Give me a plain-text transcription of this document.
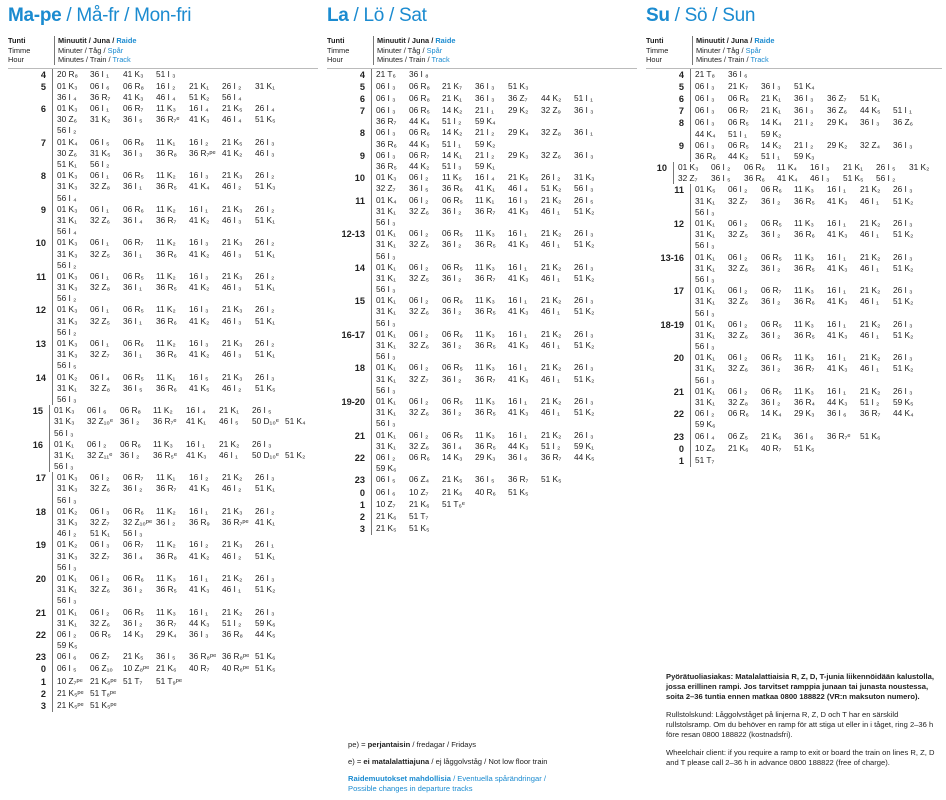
Ma-pe / Må-fr / Mon-fri
Tunti
Timme
Hour
Minuutit / Juna / Raide
Minuter / Tåg / Spår
Minutes / Train / Track
4	20 R₈ 36 I ₁ 41 K₃ 51 I ₃
5	01 K₃ 06 I ₆ 06 R₈ 16 I ₂ 21 K₁ 26 I ₂ 31 K₁
36 I ₄ 36 R₇ 41 K₃ 46 I ₄ 51 K₂ 56 I ₄
6	01 K₃ 06 I ₁ 06 R₇ 11 K₃ 16 I ₄ 21 K₅ 26 I ₄
30 Z₆ 31 K₂ 36 I ₅ 36 R₇ᵉ 41 K₃ 46 I ₄ 51 K₅
56 I ₂
7	01 K₄ 06 I ₅ 06 R₈ 11 K₁ 16 I ₂ 21 K₅ 26 I ₃
30 Z₆ 31 K₅ 36 I ₃ 36 R₈ 36 R₇ᵖᵉ 41 K₂ 46 I ₃
51 K₁ 56 I ₂
8	01 K₃ 06 I ₁ 06 R₅ 11 K₂ 16 I ₃ 21 K₃ 26 I ₂
31 K₃ 32 Z₈ 36 I ₁ 36 R₅ 41 K₄ 46 I ₂ 51 K₃
56 I ₄
9	01 K₃ 06 I ₁ 06 R₆ 11 K₂ 16 I ₁ 21 K₃ 26 I ₂
31 K₁ 32 Z₆ 36 I ₄ 36 R₇ 41 K₂ 46 I ₃ 51 K₁
56 I ₄
10	01 K₃ 06 I ₁ 06 R₇ 11 K₂ 16 I ₃ 21 K₃ 26 I ₂
31 K₃ 32 Z₅ 36 I ₁ 36 R₆ 41 K₂ 46 I ₃ 51 K₁
56 I ₂
11	01 K₃ 06 I ₁ 06 R₅ 11 K₂ 16 I ₃ 21 K₃ 26 I ₂
31 K₃ 32 Z₈ 36 I ₁ 36 R₅ 41 K₂ 46 I ₃ 51 K₁
56 I ₂
12	01 K₃ 06 I ₁ 06 R₅ 11 K₂ 16 I ₃ 21 K₃ 26 I ₂
31 K₃ 32 Z₅ 36 I ₁ 36 R₆ 41 K₂ 46 I ₃ 51 K₁
56 I ₂
13	01 K₃ 06 I ₁ 06 R₆ 11 K₂ 16 I ₃ 21 K₃ 26 I ₂
31 K₃ 32 Z₇ 36 I ₁ 36 R₆ 41 K₂ 46 I ₃ 51 K₁
56 I ₅
14	01 K₂ 06 I ₄ 06 R₅ 11 K₁ 16 I ₅ 21 K₃ 26 I ₃
31 K₁ 32 Z₈ 36 I ₅ 36 R₆ 41 K₅ 46 I ₂ 51 K₅
56 I ₃
15	01 K₃ 06 I ₆ 06 R₈ 11 K₂ 16 I ₄ 21 K₁ 26 I ₅
31 K₃ 32 Z₁₀ᵉ 36 I ₂ 36 R₇ᵉ 41 K₁ 46 I ₅ 50 D₁₀ᵉ 51 K₄
56 I ₃
16	01 K₁ 06 I ₂ 06 R₆ 11 K₃ 16 I ₁ 21 K₂ 26 I ₃
31 K₁ 32 Z₁₁ᵉ 36 I ₂ 36 R₅ᵉ 41 K₃ 46 I ₁ 50 D₁₀ᵉ 51 K₂
56 I ₃
17	01 K₃ 06 I ₂ 06 R₇ 11 K₁ 16 I ₂ 21 K₂ 26 I ₃
31 K₃ 32 Z₆ 36 I ₂ 36 R₇ 41 K₃ 46 I ₂ 51 K₁
56 I ₃
18	01 K₂ 06 I ₃ 06 R₆ 11 K₂ 16 I ₁ 21 K₃ 26 I ₂
31 K₃ 32 Z₇ 32 Z₁₀ᵖᵉ 36 I ₂ 36 R₉ 36 R₇ᵖᵉ 41 K₁
46 I ₂ 51 K₁ 56 I ₃
19	01 K₂ 06 I ₃ 06 R₇ 11 K₂ 16 I ₂ 21 K₃ 26 I ₁
31 K₃ 32 Z₇ 36 I ₄ 36 R₈ 41 K₂ 46 I ₂ 51 K₁
56 I ₃
20	01 K₁ 06 I ₂ 06 R₆ 11 K₃ 16 I ₁ 21 K₂ 26 I ₃
31 K₁ 32 Z₆ 36 I ₂ 36 R₅ 41 K₃ 46 I ₁ 51 K₂
56 I ₃
21	01 K₁ 06 I ₂ 06 R₅ 11 K₃ 16 I ₁ 21 K₂ 26 I ₃
31 K₁ 32 Z₆ 36 I ₂ 36 R₇ 44 K₃ 51 I ₂ 59 K₆
22	06 I ₂ 06 R₅ 14 K₃ 29 K₄ 36 I ₃ 36 R₈ 44 K₅
59 K₅
23	06 I ₆ 06 Z₇ 21 K₅ 36 I ₅ 36 R₈ᵖᵉ 36 R₈ᵖᵉ 51 K₆
0	06 I ₅ 06 Z₁₀ 10 Z₈ᵖᵉ 21 K₆ 40 R₇ 40 R₆ᵖᵉ 51 K₅
1	10 Z₇ᵖᵉ 21 K₆ᵖᵉ 51 T₇ 51 T₉ᵖᵉ
2	21 K₅ᵖᵉ 51 T₈ᵖᵉ
3	21 K₅ᵖᵉ 51 K₅ᵖᵉ
La / Lö / Sat
Tunti
Timme
Hour
Minuutit / Juna / Raide
Minuter / Tåg / Spår
Minutes / Train / Track
4	21 T₆ 36 I ₈
5	06 I ₃ 06 R₈ 21 K₇ 36 I ₃ 51 K₃
6	06 I ₃ 06 R₈ 21 K₁ 36 I ₃ 36 Z₇ 44 K₂ 51 I ₁
7	06 I ₃ 06 R₅ 14 K₂ 21 I ₁ 29 K₂ 32 Z₉ 36 I ₃
36 R₇ 44 K₄ 51 I ₂ 59 K₄
8	06 I ₃ 06 R₆ 14 K₂ 21 I ₂ 29 K₄ 32 Z₈ 36 I ₁
36 R₆ 44 K₃ 51 I ₁ 59 K₂
9	06 I ₃ 06 R₇ 14 K₁ 21 I ₂ 29 K₃ 32 Z₆ 36 I ₃
36 R₅ 44 K₂ 51 I ₃ 59 K₁
10	01 K₃ 06 I ₂ 11 K₅ 16 I ₄ 21 K₅ 26 I ₂ 31 K₃
32 Z₇ 36 I ₅ 36 R₆ 41 K₁ 46 I ₄ 51 K₂ 56 I ₃
11	01 K₄ 06 I ₂ 06 R₅ 11 K₁ 16 I ₃ 21 K₂ 26 I ₅
31 K₁ 32 Z₆ 36 I ₂ 36 R₇ 41 K₃ 46 I ₁ 51 K₂
56 I ₃
12-13	01 K₁ 06 I ₂ 06 R₅ 11 K₃ 16 I ₁ 21 K₂ 26 I ₃
31 K₁ 32 Z₆ 36 I ₂ 36 R₅ 41 K₃ 46 I ₁ 51 K₂
56 I ₃
14	01 K₁ 06 I ₂ 06 R₅ 11 K₃ 16 I ₁ 21 K₂ 26 I ₃
31 K₁ 32 Z₅ 36 I ₂ 36 R₇ 41 K₃ 46 I ₁ 51 K₂
56 I ₃
15	01 K₁ 06 I ₂ 06 R₆ 11 K₃ 16 I ₁ 21 K₂ 26 I ₃
31 K₁ 32 Z₆ 36 I ₂ 36 R₅ 41 K₃ 46 I ₁ 51 K₂
56 I ₃
16-17	01 K₁ 06 I ₂ 06 R₆ 11 K₃ 16 I ₁ 21 K₂ 26 I ₃
31 K₁ 32 Z₆ 36 I ₂ 36 R₅ 41 K₃ 46 I ₁ 51 K₂
56 I ₃
18	01 K₁ 06 I ₂ 06 R₅ 11 K₃ 16 I ₁ 21 K₂ 26 I ₃
31 K₁ 32 Z₇ 36 I ₂ 36 R₇ 41 K₃ 46 I ₁ 51 K₂
56 I ₃
19-20	01 K₁ 06 I ₂ 06 R₅ 11 K₃ 16 I ₁ 21 K₂ 26 I ₃
31 K₁ 32 Z₆ 36 I ₂ 36 R₅ 41 K₃ 46 I ₁ 51 K₂
56 I ₃
21	01 K₁ 06 I ₂ 06 R₅ 11 K₃ 16 I ₁ 21 K₂ 26 I ₃
31 K₁ 32 Z₆ 36 I ₄ 36 R₅ 44 K₃ 51 I ₂ 59 K₁
22	06 I ₂ 06 R₆ 14 K₃ 29 K₃ 36 I ₆ 36 R₇ 44 K₅
59 K₆
23	06 I ₅ 06 Z₄ 21 K₅ 36 I ₅ 36 R₇ 51 K₅
0	06 I ₆ 10 Z₇ 21 K₆ 40 R₆ 51 K₅
1	10 Z₇ 21 K₆ 51 T₆ᵉ
2	21 K₆ 51 T₇
3	21 K₅ 51 K₅
Su / Sö / Sun
Tunti
Timme
Hour
Minuutit / Juna / Raide
Minuter / Tåg / Spår
Minutes / Train / Track
4	21 T₈ 36 I ₆
5	06 I ₃ 21 K₇ 36 I ₃ 51 K₄
6	06 I ₃ 06 R₆ 21 K₁ 36 I ₃ 36 Z₇ 51 K₁
7	06 I ₃ 06 R₇ 21 K₁ 36 I ₃ 36 Z₆ 44 K₅ 51 I ₁
8	06 I ₃ 06 R₅ 14 K₄ 21 I ₂ 29 K₄ 36 I ₃ 36 Z₆
44 K₄ 51 I ₁ 59 K₂
9	06 I ₃ 06 R₅ 14 K₂ 21 I ₂ 29 K₂ 32 Z₄ 36 I ₃
36 R₆ 44 K₂ 51 I ₁ 59 K₃
10	01 K₃ 06 I ₂ 06 R₆ 11 K₄ 16 I ₃ 21 K₁ 26 I ₅ 31 K₂
32 Z₇ 36 I ₅ 36 R₆ 41 K₄ 46 I ₃ 51 K₅ 56 I ₂
11	01 K₅ 06 I ₂ 06 R₆ 11 K₃ 16 I ₁ 21 K₂ 26 I ₃
31 K₁ 32 Z₇ 36 I ₂ 36 R₅ 41 K₃ 46 I ₁ 51 K₂
56 I ₃
12	01 K₁ 06 I ₂ 06 R₅ 11 K₃ 16 I ₁ 21 K₂ 26 I ₃
31 K₁ 32 Z₅ 36 I ₂ 36 R₆ 41 K₃ 46 I ₁ 51 K₂
56 I ₃
13-16	01 K₁ 06 I ₂ 06 R₅ 11 K₃ 16 I ₁ 21 K₂ 26 I ₃
31 K₁ 32 Z₆ 36 I ₂ 36 R₅ 41 K₃ 46 I ₁ 51 K₂
56 I ₃
17	01 K₁ 06 I ₂ 06 R₇ 11 K₃ 16 I ₁ 21 K₂ 26 I ₃
31 K₁ 32 Z₆ 36 I ₂ 36 R₆ 41 K₃ 46 I ₁ 51 K₂
56 I ₃
18-19	01 K₁ 06 I ₂ 06 R₅ 11 K₃ 16 I ₁ 21 K₂ 26 I ₃
31 K₁ 32 Z₆ 36 I ₂ 36 R₅ 41 K₃ 46 I ₁ 51 K₂
56 I ₃
20	01 K₁ 06 I ₂ 06 R₅ 11 K₃ 16 I ₁ 21 K₂ 26 I ₃
31 K₁ 32 Z₆ 36 I ₂ 36 R₇ 41 K₃ 46 I ₁ 51 K₂
56 I ₃
21	01 K₁ 06 I ₂ 06 R₅ 11 K₃ 16 I ₁ 21 K₂ 26 I ₃
31 K₁ 32 Z₈ 36 I ₂ 36 R₄ 44 K₃ 51 I ₂ 59 K₅
22	06 I ₂ 06 R₆ 14 K₄ 29 K₃ 36 I ₆ 36 R₇ 44 K₄
59 K₆
23	06 I ₄ 06 Z₅ 21 K₆ 36 I ₆ 36 R₇ᵉ 51 K₆
0	10 Z₈ 21 K₆ 40 R₇ 51 K₅
1	51 T₇
pe) = perjantaisin / fredagar / Fridays
e) = ei matalalattiajuna / ej låggolvståg / Not low floor train
Raidemuutokset mahdollisia / Eventuella spårändringar /
Possible changes in departure tracks
Pyörätuoliasiakas: Matalalattiaisia R, Z, D, T-junia liikennöidään kalustolla, jossa erillinen rampi. Jos tarvitset ramppia junaan tai junasta noustessa, soita 2–36 tuntia ennen matkaa 0800 188822 (VR:n maksuton numero).
Rullstolskund: Låggolvståget på linjerna R, Z, D och T har en särskild rullstolsramp. Om du behöver en ramp för att stiga ut eller in i tåget, ring 2–36 h före resan 0800 188822 (kostnadsfri).
Wheelchair client: if you require a ramp to exit or board the train on lines R, Z, D and T please call 2–36 h in advance 0800 188822 (free of charge).
